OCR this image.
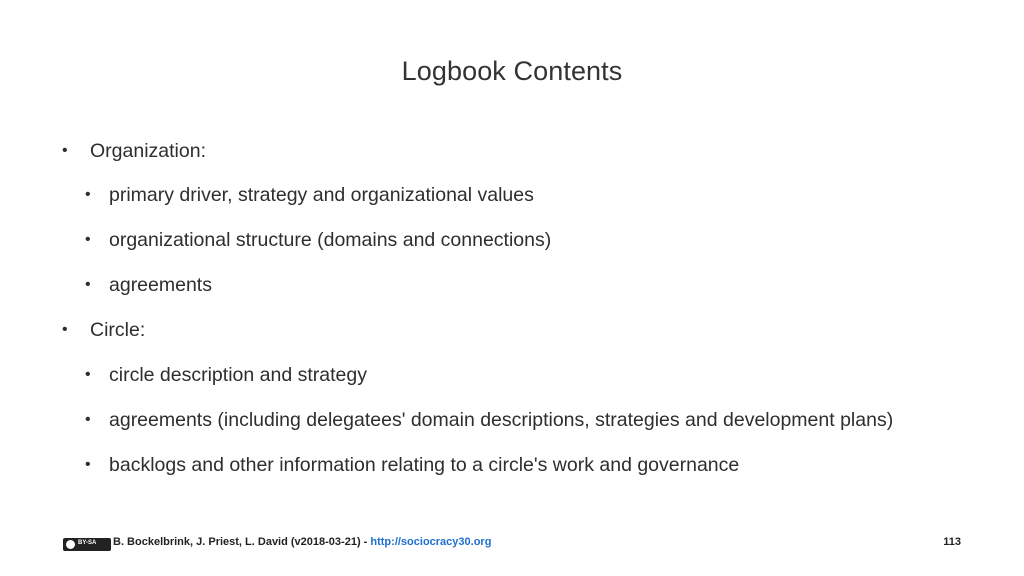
Logbook Contents
• Organization:
• primary driver, strategy and organizational values
• organizational structure (domains and connections)
• agreements
• Circle:
• circle description and strategy
• agreements (including delegatees' domain descriptions, strategies and development plans)
• backlogs and other information relating to a circle's work and governance
BY-SA B. Bockelbrink, J. Priest, L. David (v2018-03-21) - http://sociocracy30.org	113
